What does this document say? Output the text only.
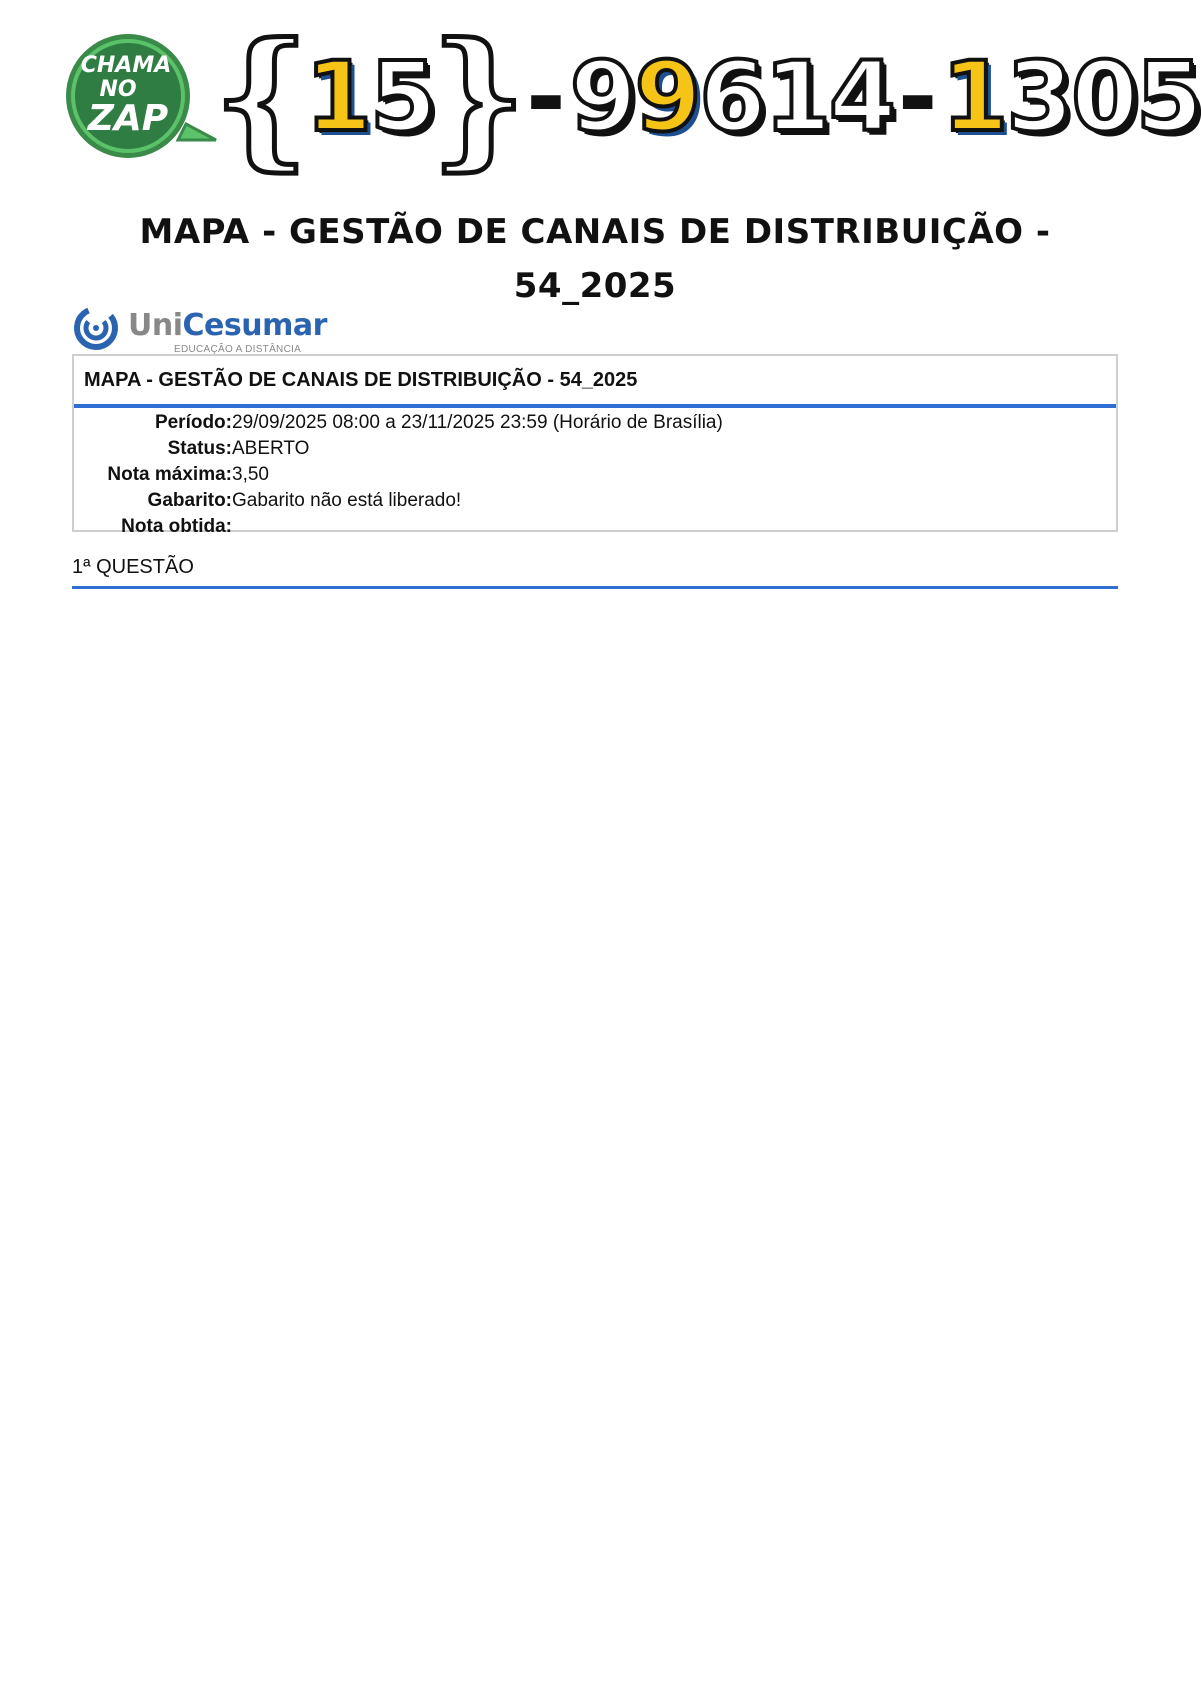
CHAMA
NO
ZAP {
1 5
} - 9 9 6 1 4 - 1 3 0 5
MAPA - GESTÃO DE CANAIS DE DISTRIBUIÇÃO -
54_2025
UniCesumar
EDUCAÇÃO A DISTÂNCIA
MAPA - GESTÃO DE CANAIS DE DISTRIBUIÇÃO - 54_2025
Período: 29/09/2025 08:00 a 23/11/2025 23:59 (Horário de Brasília)
Status: ABERTO
Nota máxima: 3,50
Gabarito: Gabarito não está liberado!
Nota obtida:
1ª QUESTÃO
